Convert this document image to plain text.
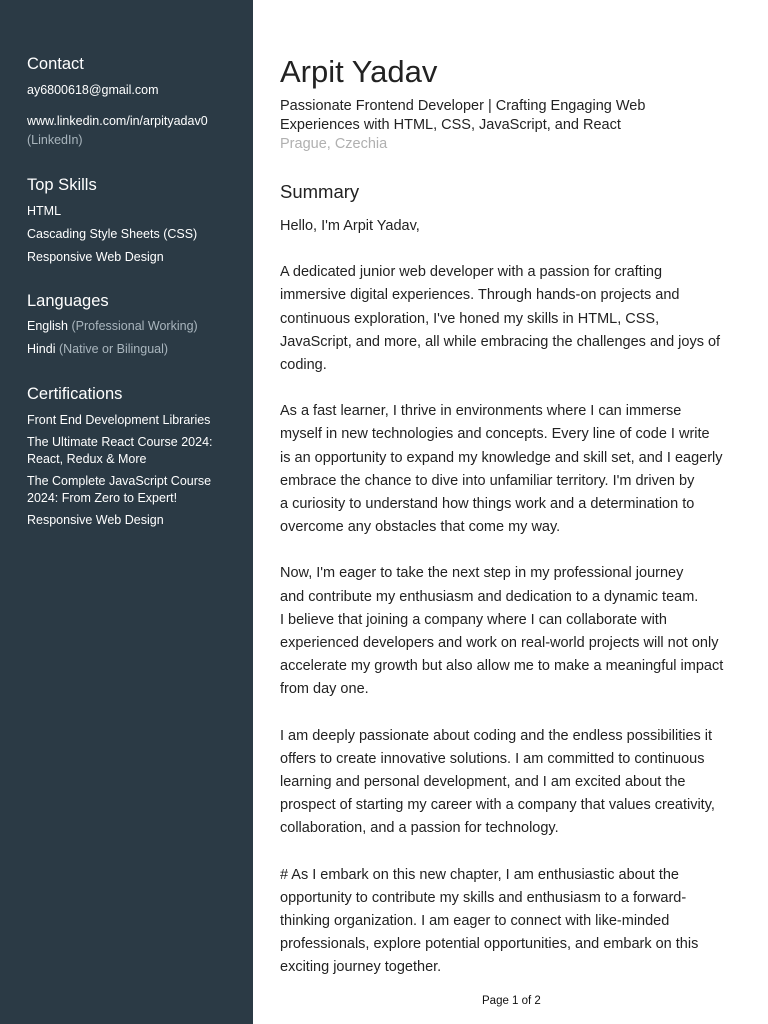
Contact

ay6800618@gmail.com

www.linkedin.com/in/arpityadav0

(LinkedIn)

Top Skills

HTML

Cascading Style Sheets (CSS)

Responsive Web Design

Languages

English (Professional Working)

Hindi (Native or Bilingual)

Certifications

Front End Development Libraries

The Ultimate React Course 2024:

React, Redux & More

The Complete JavaScript Course

2024: From Zero to Expert!

Responsive Web Design

Arpit Yadav
Passionate Frontend Developer | Crafting Engaging Web
Experiences with HTML, CSS, JavaScript, and React
Prague, Czechia
Summary

Hello, I'm Arpit Yadav,

A dedicated junior web developer with a passion for crafting
immersive digital experiences. Through hands-on projects and
continuous exploration, I've honed my skills in HTML, CSS,
JavaScript, and more, all while embracing the challenges and joys of
coding.

As a fast learner, I thrive in environments where I can immerse
myself in new technologies and concepts. Every line of code I write
is an opportunity to expand my knowledge and skill set, and I eagerly
embrace the chance to dive into unfamiliar territory. I'm driven by
a curiosity to understand how things work and a determination to
overcome any obstacles that come my way.

Now, I'm eager to take the next step in my professional journey
and contribute my enthusiasm and dedication to a dynamic team.
I believe that joining a company where I can collaborate with
experienced developers and work on real-world projects will not only
accelerate my growth but also allow me to make a meaningful impact
from day one.

I am deeply passionate about coding and the endless possibilities it
offers to create innovative solutions. I am committed to continuous
learning and personal development, and I am excited about the
prospect of starting my career with a company that values creativity,
collaboration, and a passion for technology.

# As I embark on this new chapter, I am enthusiastic about the
opportunity to contribute my skills and enthusiasm to a forward-
thinking organization. I am eager to connect with like-minded
professionals, explore potential opportunities, and embark on this
exciting journey together.

Page 1 of 2
